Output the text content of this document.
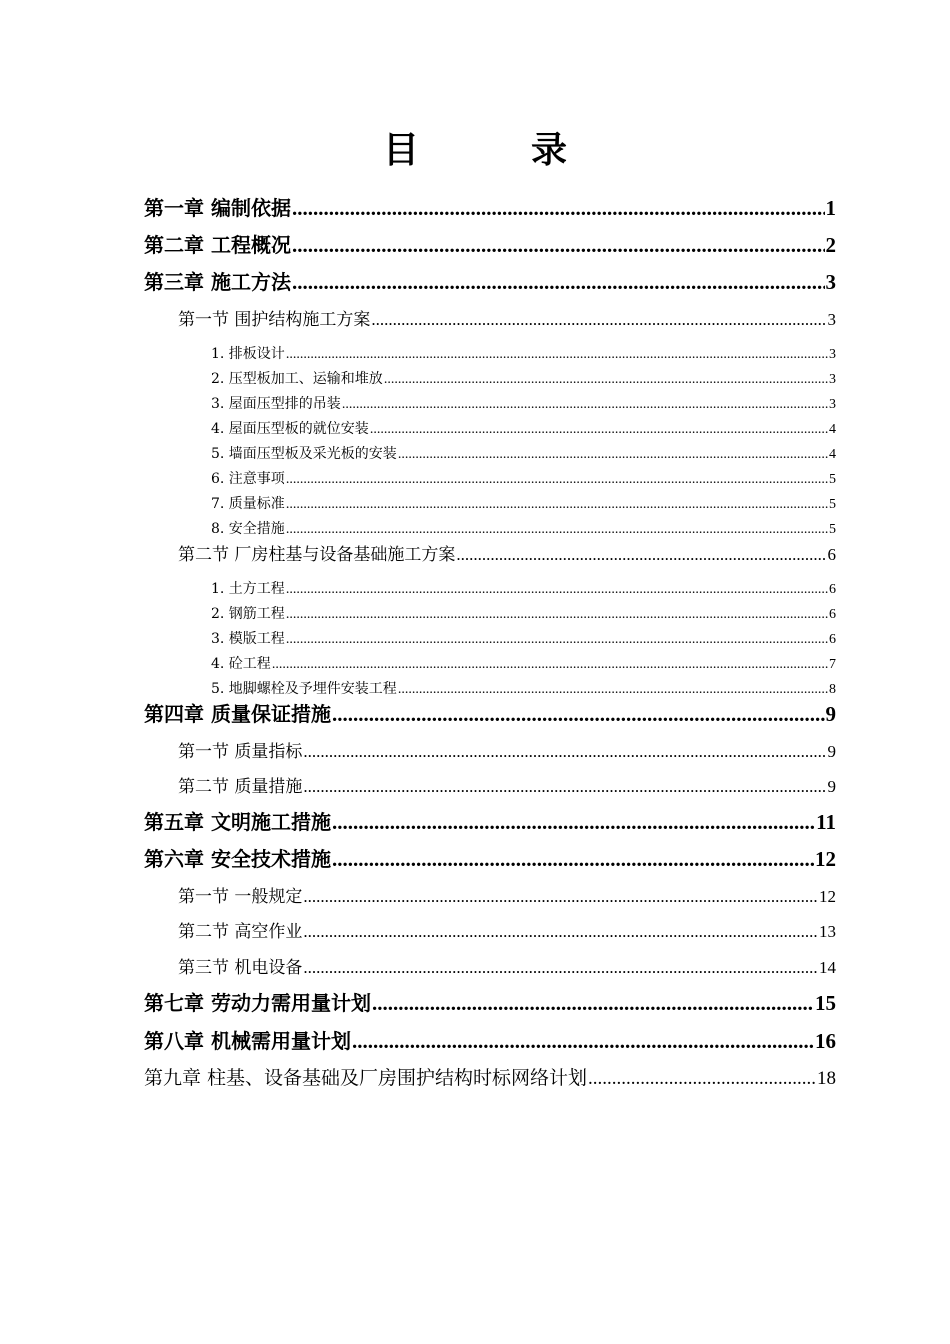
目　录
第一章 编制依据 .....	1
第二章 工程概况 .....	2
第三章 施工方法 .....	3
第一节 围护结构施工方案 .....	3
1. 排板设计 .....	3
2. 压型板加工、运输和堆放 .....	3
3. 屋面压型排的吊装 .....	3
4. 屋面压型板的就位安装 .....	4
5. 墙面压型板及采光板的安装 .....	4
6. 注意事项 .....	5
7. 质量标准 .....	5
8. 安全措施 .....	5
第二节 厂房柱基与设备基础施工方案 .....	6
1. 土方工程 .....	6
2. 钢筋工程 .....	6
3. 模版工程 .....	6
4. 砼工程 .....	7
5. 地脚螺栓及予埋件安装工程 .....	8
第四章 质量保证措施 .....	9
第一节 质量指标 .....	9
第二节 质量措施 .....	9
第五章 文明施工措施 .....	11
第六章 安全技术措施 .....	12
第一节 一般规定 .....	12
第二节 高空作业 .....	13
第三节 机电设备 .....	14
第七章 劳动力需用量计划 .....	15
第八章 机械需用量计划 .....	16
第九章 柱基、设备基础及厂房围护结构时标网络计划 .....	18
